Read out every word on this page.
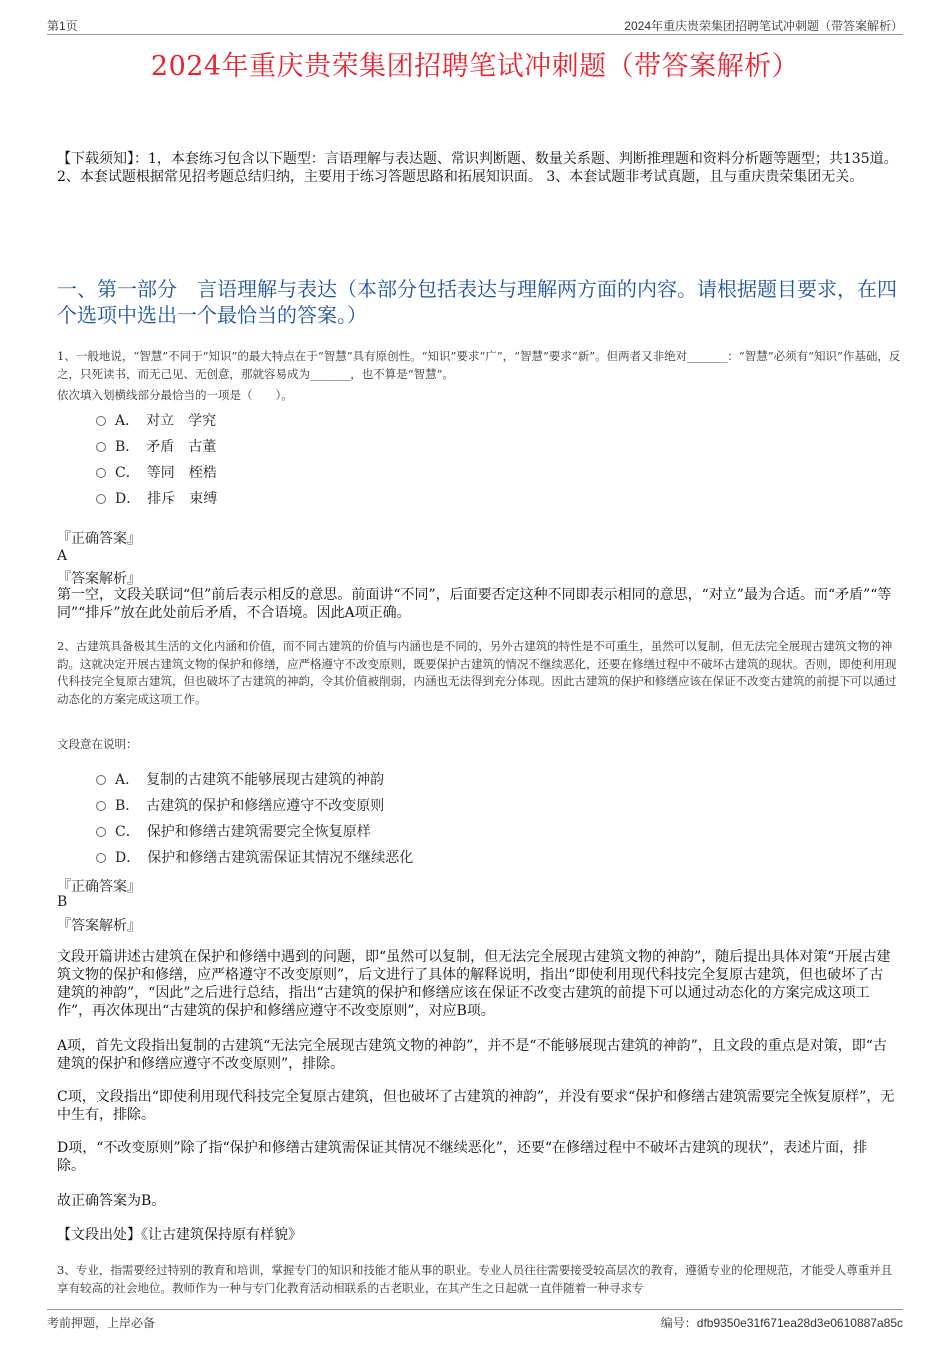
第1页	2024年重庆贵荣集团招聘笔试冲刺题（带答案解析）
2024年重庆贵荣集团招聘笔试冲刺题（带答案解析）
【下载须知】：1，本套练习包含以下题型：言语理解与表达题、常识判断题、数量关系题、判断推理题和资料分析题等题型；共135道。 2、本套试题根据常见招考题总结归纳，主要用于练习答题思路和拓展知识面。 3、本套试题非考试真题，且与重庆贵荣集团无关。
一、第一部分　言语理解与表达（本部分包括表达与理解两方面的内容。请根据题目要求，在四个选项中选出一个最恰当的答案。）
1、一般地说，“智慧”不同于“知识”的最大特点在于“智慧”具有原创性。“知识”要求“广”，“智慧”要求“新”。但两者又非绝对_______：“智慧”必须有“知识”作基础，反之，只死读书，而无己见、无创意，那就容易成为_______，也不算是“智慧”。
依次填入划横线部分最恰当的一项是（　　）。
A．　对立　学究
B．　矛盾　古董
C．　等同　桎梏
D．　排斥　束缚
『正确答案』
A
『答案解析』
第一空，文段关联词“但”前后表示相反的意思。前面讲“不同”，后面要否定这种不同即表示相同的意思，“对立”最为合适。而“矛盾”“等同”“排斥”放在此处前后矛盾，不合语境。因此A项正确。
2、古建筑具备极其生活的文化内涵和价值，而不同古建筑的价值与内涵也是不同的，另外古建筑的特性是不可重生，虽然可以复制，但无法完全展现古建筑文物的神韵。这就决定开展古建筑文物的保护和修缮，应严格遵守不改变原则，既要保护古建筑的情况不继续恶化，还要在修缮过程中不破坏古建筑的现状。否则，即使利用现代科技完全复原古建筑，但也破坏了古建筑的神韵，令其价值被削弱，内涵也无法得到充分体现。因此古建筑的保护和修缮应该在保证不改变古建筑的前提下可以通过动态化的方案完成这项工作。
文段意在说明：
A．　复制的古建筑不能够展现古建筑的神韵
B．　古建筑的保护和修缮应遵守不改变原则
C．　保护和修缮古建筑需要完全恢复原样
D．　保护和修缮古建筑需保证其情况不继续恶化
『正确答案』
B
『答案解析』
文段开篇讲述古建筑在保护和修缮中遇到的问题，即“虽然可以复制，但无法完全展现古建筑文物的神韵”，随后提出具体对策“开展古建筑文物的保护和修缮，应严格遵守不改变原则”，后文进行了具体的解释说明，指出“即使利用现代科技完全复原古建筑，但也破坏了古建筑的神韵”，“因此”之后进行总结，指出“古建筑的保护和修缮应该在保证不改变古建筑的前提下可以通过动态化的方案完成这项工作”，再次体现出“古建筑的保护和修缮应遵守不改变原则”，对应B项。
A项，首先文段指出复制的古建筑“无法完全展现古建筑文物的神韵”，并不是“不能够展现古建筑的神韵”，且文段的重点是对策，即“古建筑的保护和修缮应遵守不改变原则”，排除。
C项，文段指出“即使利用现代科技完全复原古建筑，但也破坏了古建筑的神韵”，并没有要求“保护和修缮古建筑需要完全恢复原样”，无中生有，排除。
D项，“不改变原则”除了指“保护和修缮古建筑需保证其情况不继续恶化”，还要“在修缮过程中不破坏古建筑的现状”，表述片面，排除。
故正确答案为B。
【文段出处】《让古建筑保持原有样貌》
3、专业，指需要经过特别的教育和培训，掌握专门的知识和技能才能从事的职业。专业人员往往需要接受较高层次的教育，遵循专业的伦理规范，才能受人尊重并且享有较高的社会地位。教师作为一种与专门化教育活动相联系的古老职业，在其产生之日起就一直伴随着一种寻求专
考前押题，上岸必备	编号：dfb9350e31f671ea28d3e0610887a85c
